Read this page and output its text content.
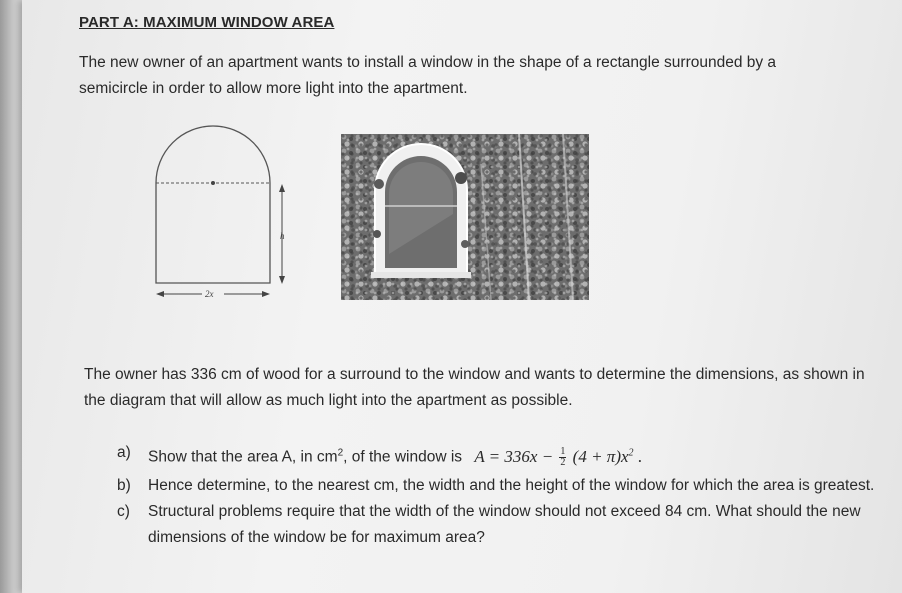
PART A: MAXIMUM WINDOW AREA
The new owner of an apartment wants to install a window in the shape of a rectangle surrounded by a semicircle in order to allow more light into the apartment.
h
2x
The owner has 336 cm of wood for a surround to the window and wants to determine the dimensions, as shown in the diagram that will allow as much light into the apartment as possible.
a)	Show that the area A, in $cm^2$, of the window is $A = 336x - \frac{1}{2} (4 + \pi)x^2$ .
b)	Hence determine, to the nearest cm, the width and the height of the window for which the area is greatest.
c)	Structural problems require that the width of the window should not exceed 84 cm. What should the new dimensions of the window be for maximum area?
